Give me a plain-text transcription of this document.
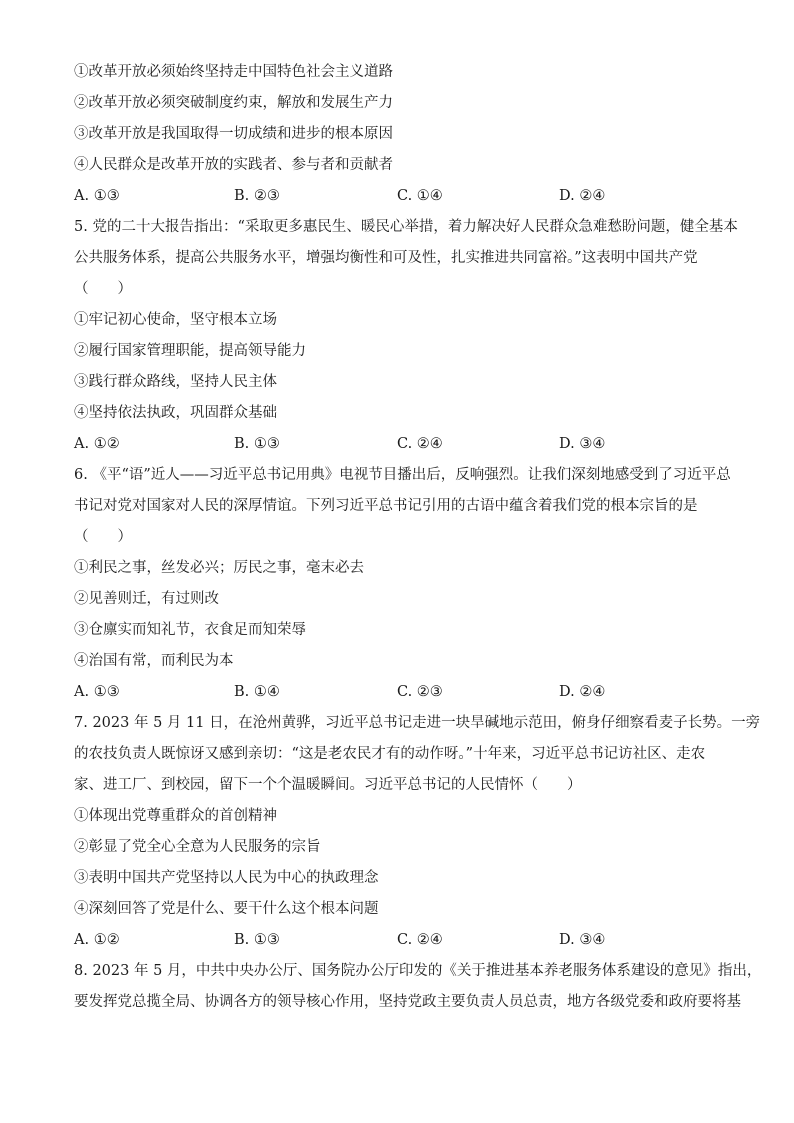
①改革开放必须始终坚持走中国特色社会主义道路

②改革开放必须突破制度约束，解放和发展生产力

③改革开放是我国取得一切成绩和进步的根本原因

④人民群众是改革开放的实践者、参与者和贡献者

A. ①③	B. ②③	C. ①④	D. ②④

5. 党的二十大报告指出：“采取更多惠民生、暖民心举措，着力解决好人民群众急难愁盼问题，健全基本

公共服务体系，提高公共服务水平，增强均衡性和可及性，扎实推进共同富裕。”这表明中国共产党

（　　）

①牢记初心使命，坚守根本立场

②履行国家管理职能，提高领导能力

③践行群众路线，坚持人民主体

④坚持依法执政，巩固群众基础

A. ①②	B. ①③	C. ②④	D. ③④

6. 《平“语”近人——习近平总书记用典》电视节目播出后，反响强烈。让我们深刻地感受到了习近平总

书记对党对国家对人民的深厚情谊。下列习近平总书记引用的古语中蕴含着我们党的根本宗旨的是

（　　）

①利民之事，丝发必兴；厉民之事，毫末必去

②见善则迁，有过则改

③仓廪实而知礼节，衣食足而知荣辱

④治国有常，而利民为本

A. ①③	B. ①④	C. ②③	D. ②④

7. 2023 年 5 月 11 日，在沧州黄骅，习近平总书记走进一块旱碱地示范田，俯身仔细察看麦子长势。一旁

的农技负责人既惊讶又感到亲切：“这是老农民才有的动作呀。”十年来，习近平总书记访社区、走农

家、进工厂、到校园，留下一个个温暖瞬间。习近平总书记的人民情怀（　　）

①体现出党尊重群众的首创精神

②彰显了党全心全意为人民服务的宗旨

③表明中国共产党坚持以人民为中心的执政理念

④深刻回答了党是什么、要干什么这个根本问题

A. ①②	B. ①③	C. ②④	D. ③④

8. 2023 年 5 月，中共中央办公厅、国务院办公厅印发的《关于推进基本养老服务体系建设的意见》指出，

要发挥党总揽全局、协调各方的领导核心作用，坚持党政主要负责人员总责，地方各级党委和政府要将基
